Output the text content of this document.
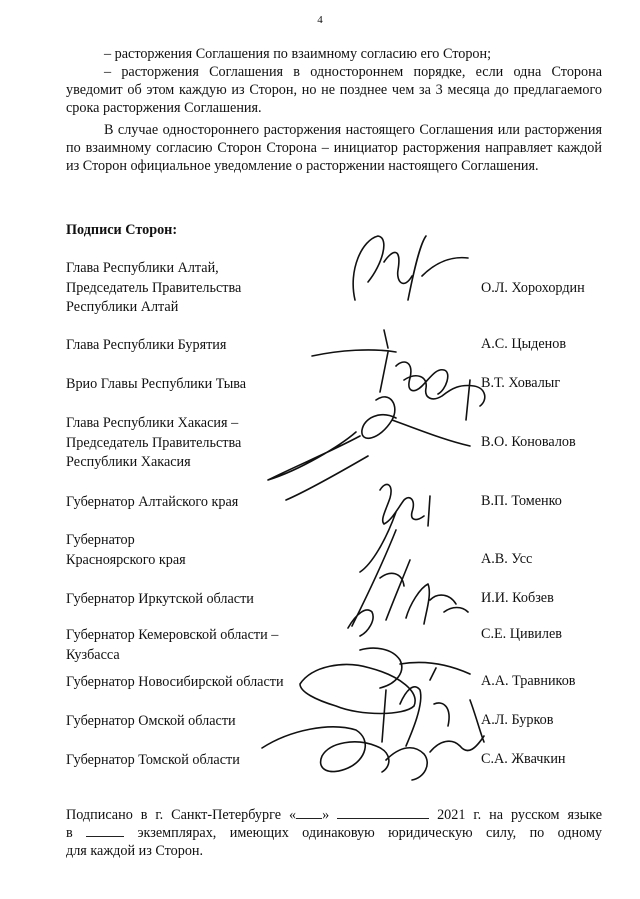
4
– расторжения Соглашения по взаимному согласию его Сторон;
– расторжения Соглашения в одностороннем порядке, если одна Сторона уведомит об этом каждую из Сторон, но не позднее чем за 3 месяца до предлагаемого срока расторжения Соглашения.
В случае одностороннего расторжения настоящего Соглашения или расторжения по взаимному согласию Сторон Сторона – инициатор расторжения направляет каждой из Сторон официальное уведомление о расторжении настоящего Соглашения.
Подписи Сторон:
Глава Республики Алтай,
Председатель Правительства
Республики Алтай
О.Л. Хорохордин
Глава Республики Бурятия	А.С. Цыденов
Врио Главы Республики Тыва	В.Т. Ховалыг
Глава Республики Хакасия –
Председатель Правительства
Республики Хакасия
В.О. Коновалов
Губернатор Алтайского края	В.П. Томенко
Губернатор
Красноярского края	А.В. Усс
Губернатор Иркутской области	И.И. Кобзев
Губернатор Кемеровской области –
Кузбасса
С.Е. Цивилев
Губернатор Новосибирской области	А.А. Травников
Губернатор Омской области	А.Л. Бурков
Губернатор Томской области	С.А. Жвачкин
Подписано в г. Санкт-Петербурге « »	2021 г. на русском языке
в	экземплярах, имеющих одинаковую юридическую силу, по одному
для каждой из Сторон.
